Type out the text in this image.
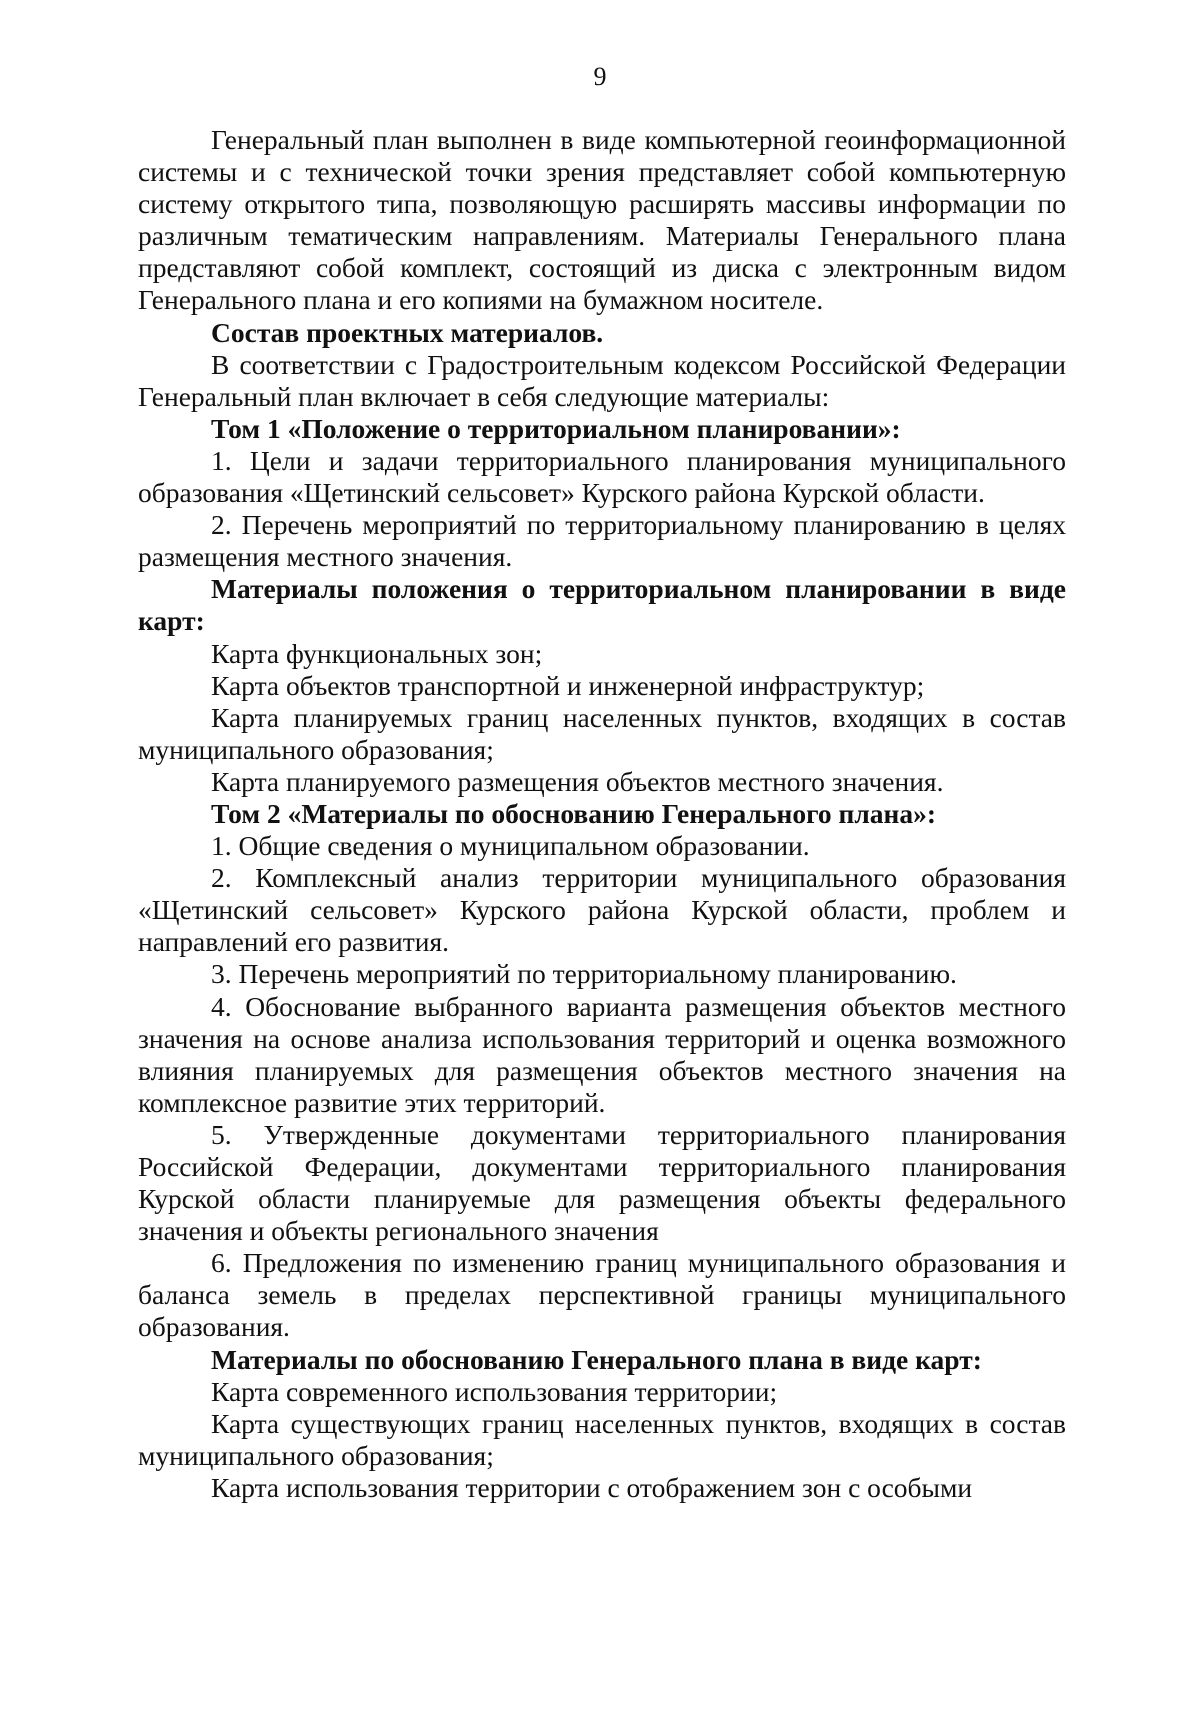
9

Генеральный план выполнен в виде компьютерной геоинформационной системы и с технической точки зрения представляет собой компьютерную систему открытого типа, позволяющую расширять массивы информации по различным тематическим направлениям. Материалы Генерального плана представляют собой комплект, состоящий из диска с электронным видом Генерального плана и его копиями на бумажном носителе.

Состав проектных материалов.

В соответствии с Градостроительным кодексом Российской Федерации Генеральный план включает в себя следующие материалы:

Том 1 «Положение о территориальном планировании»:

1. Цели и задачи территориального планирования муниципального образования «Щетинский сельсовет» Курского района Курской области.

2. Перечень мероприятий по территориальному планированию в целях размещения местного значения.

Материалы положения о территориальном планировании в виде карт:

Карта функциональных зон;

Карта объектов транспортной и инженерной инфраструктур;

Карта планируемых границ населенных пунктов, входящих в состав муниципального образования;

Карта планируемого размещения объектов местного значения.

Том 2 «Материалы по обоснованию Генерального плана»:

1. Общие сведения о муниципальном образовании.

2. Комплексный анализ территории муниципального образования «Щетинский сельсовет» Курского района Курской области, проблем и направлений его развития.

3. Перечень мероприятий по территориальному планированию.

4. Обоснование выбранного варианта размещения объектов местного значения на основе анализа использования территорий и оценка возможного влияния планируемых для размещения объектов местного значения на комплексное развитие этих территорий.

5. Утвержденные документами территориального планирования Российской Федерации, документами территориального планирования Курской области планируемые для размещения объекты федерального значения и объекты регионального значения

6. Предложения по изменению границ муниципального образования и баланса земель в пределах перспективной границы муниципального образования.

Материалы по обоснованию Генерального плана в виде карт:

Карта современного использования территории;

Карта существующих границ населенных пунктов, входящих в состав муниципального образования;

Карта использования территории с отображением зон с особыми
